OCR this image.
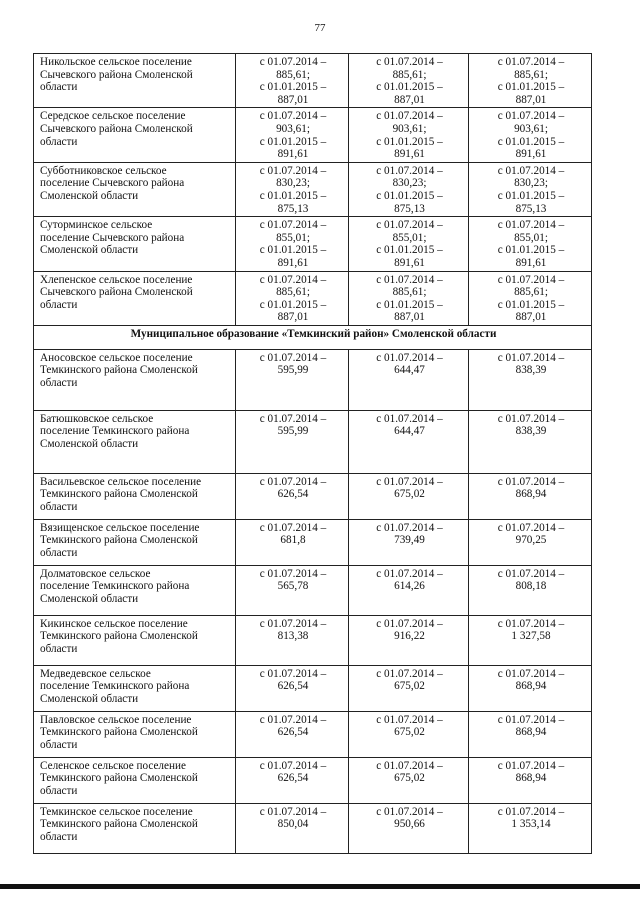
77
Никольское сельское поселение
Сычевского района Смоленской
области	с 01.07.2014 –
885,61;
с 01.01.2015 –
887,01	с 01.07.2014 –
885,61;
с 01.01.2015 –
887,01	с 01.07.2014 –
885,61;
с 01.01.2015 –
887,01

Середское сельское поселение
Сычевского района Смоленской
области	с 01.07.2014 –
903,61;
с 01.01.2015 –
891,61	с 01.07.2014 –
903,61;
с 01.01.2015 –
891,61	с 01.07.2014 –
903,61;
с 01.01.2015 –
891,61

Субботниковское сельское
поселение Сычевского района
Смоленской области	с 01.07.2014 –
830,23;
с 01.01.2015 –
875,13	с 01.07.2014 –
830,23;
с 01.01.2015 –
875,13	с 01.07.2014 –
830,23;
с 01.01.2015 –
875,13

Суторминское сельское
поселение Сычевского района
Смоленской области	с 01.07.2014 –
855,01;
с 01.01.2015 –
891,61	с 01.07.2014 –
855,01;
с 01.01.2015 –
891,61	с 01.07.2014 –
855,01;
с 01.01.2015 –
891,61

Хлепенское сельское поселение
Сычевского района Смоленской
области	с 01.07.2014 –
885,61;
с 01.01.2015 –
887,01	с 01.07.2014 –
885,61;
с 01.01.2015 –
887,01	с 01.07.2014 –
885,61;
с 01.01.2015 –
887,01

Муниципальное образование «Темкинский район» Смоленской области			
Аносовское сельское поселение
Темкинского района Смоленской
области	с 01.07.2014 –
595,99	с 01.07.2014 –
644,47	с 01.07.2014 –
838,39

Батюшковское сельское
поселение Темкинского района
Смоленской области	с 01.07.2014 –
595,99	с 01.07.2014 –
644,47	с 01.07.2014 –
838,39

Васильевское сельское поселение
Темкинского района Смоленской
области	с 01.07.2014 –
626,54	с 01.07.2014 –
675,02	с 01.07.2014 –
868,94

Вязищенское сельское поселение
Темкинского района Смоленской
области	с 01.07.2014 –
681,8	с 01.07.2014 –
739,49	с 01.07.2014 –
970,25

Долматовское сельское
поселение Темкинского района
Смоленской области	с 01.07.2014 –
565,78	с 01.07.2014 –
614,26	с 01.07.2014 –
808,18

Кикинское сельское поселение
Темкинского района Смоленской
области	с 01.07.2014 –
813,38	с 01.07.2014 –
916,22	с 01.07.2014 –
1 327,58

Медведевское сельское
поселение Темкинского района
Смоленской области	с 01.07.2014 –
626,54	с 01.07.2014 –
675,02	с 01.07.2014 –
868,94

Павловское сельское поселение
Темкинского района Смоленской
области	с 01.07.2014 –
626,54	с 01.07.2014 –
675,02	с 01.07.2014 –
868,94

Селенское сельское поселение
Темкинского района Смоленской
области	с 01.07.2014 –
626,54	с 01.07.2014 –
675,02	с 01.07.2014 –
868,94

Темкинское сельское поселение
Темкинского района Смоленской
области	с 01.07.2014 –
850,04	с 01.07.2014 –
950,66	с 01.07.2014 –
1 353,14
